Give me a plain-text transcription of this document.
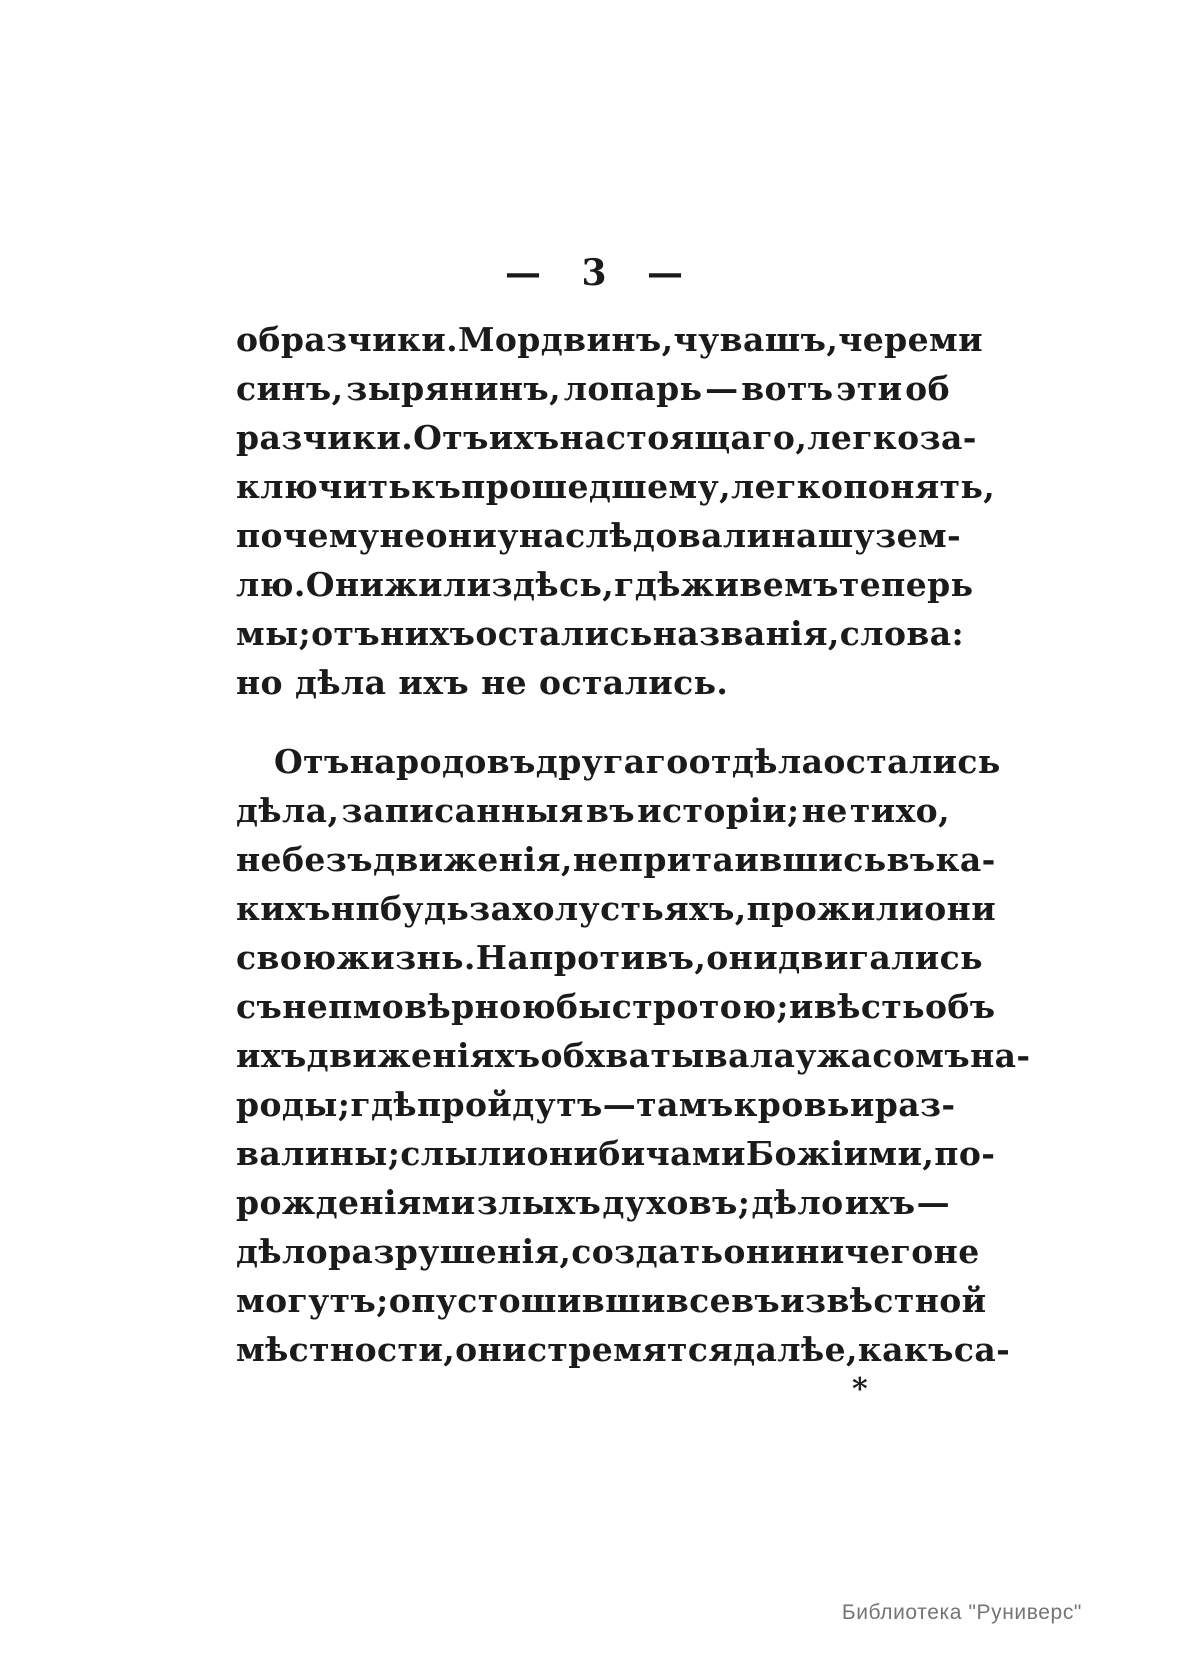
— 3 —
образчики. Мордвинъ, чувашъ, череми
синъ, зырянинъ, лопарь — вотъ эти об
разчики. Отъ ихъ настоящаго, легко за-
ключить къ прошедшему, легко понять,
почему не они унаслѣдовали нашу зем-
лю. Они жили здѣсь, гдѣ живемъ теперь
мы; отъ нихъ остались названія, слова:
но дѣла ихъ не остались.
Отъ народовъ другаго отдѣла остались
дѣла, записанныя въ исторіи; не тихо,
не безъ движенія, не притаившись въ ка-
кихъ нпбудь захолустьяхъ, прожили они
свою жизнь. Напротивъ, они двигались
съ непмовѣрною быстротою; и вѣсть объ
ихъ движеніяхъ обхватывала ужасомъ на-
роды; гдѣ пройдутъ—тамъ кровь и раз-
валины; слыли они бичами Божіими, по-
рожденіями злыхъ духовъ; дѣло ихъ —
дѣло разрушенія, создать они ничего не
могутъ; опустошивши все въ извѣстной
мѣстности, они стремятся далѣе, какъ са-
*
Библиотека "Руниверс"
